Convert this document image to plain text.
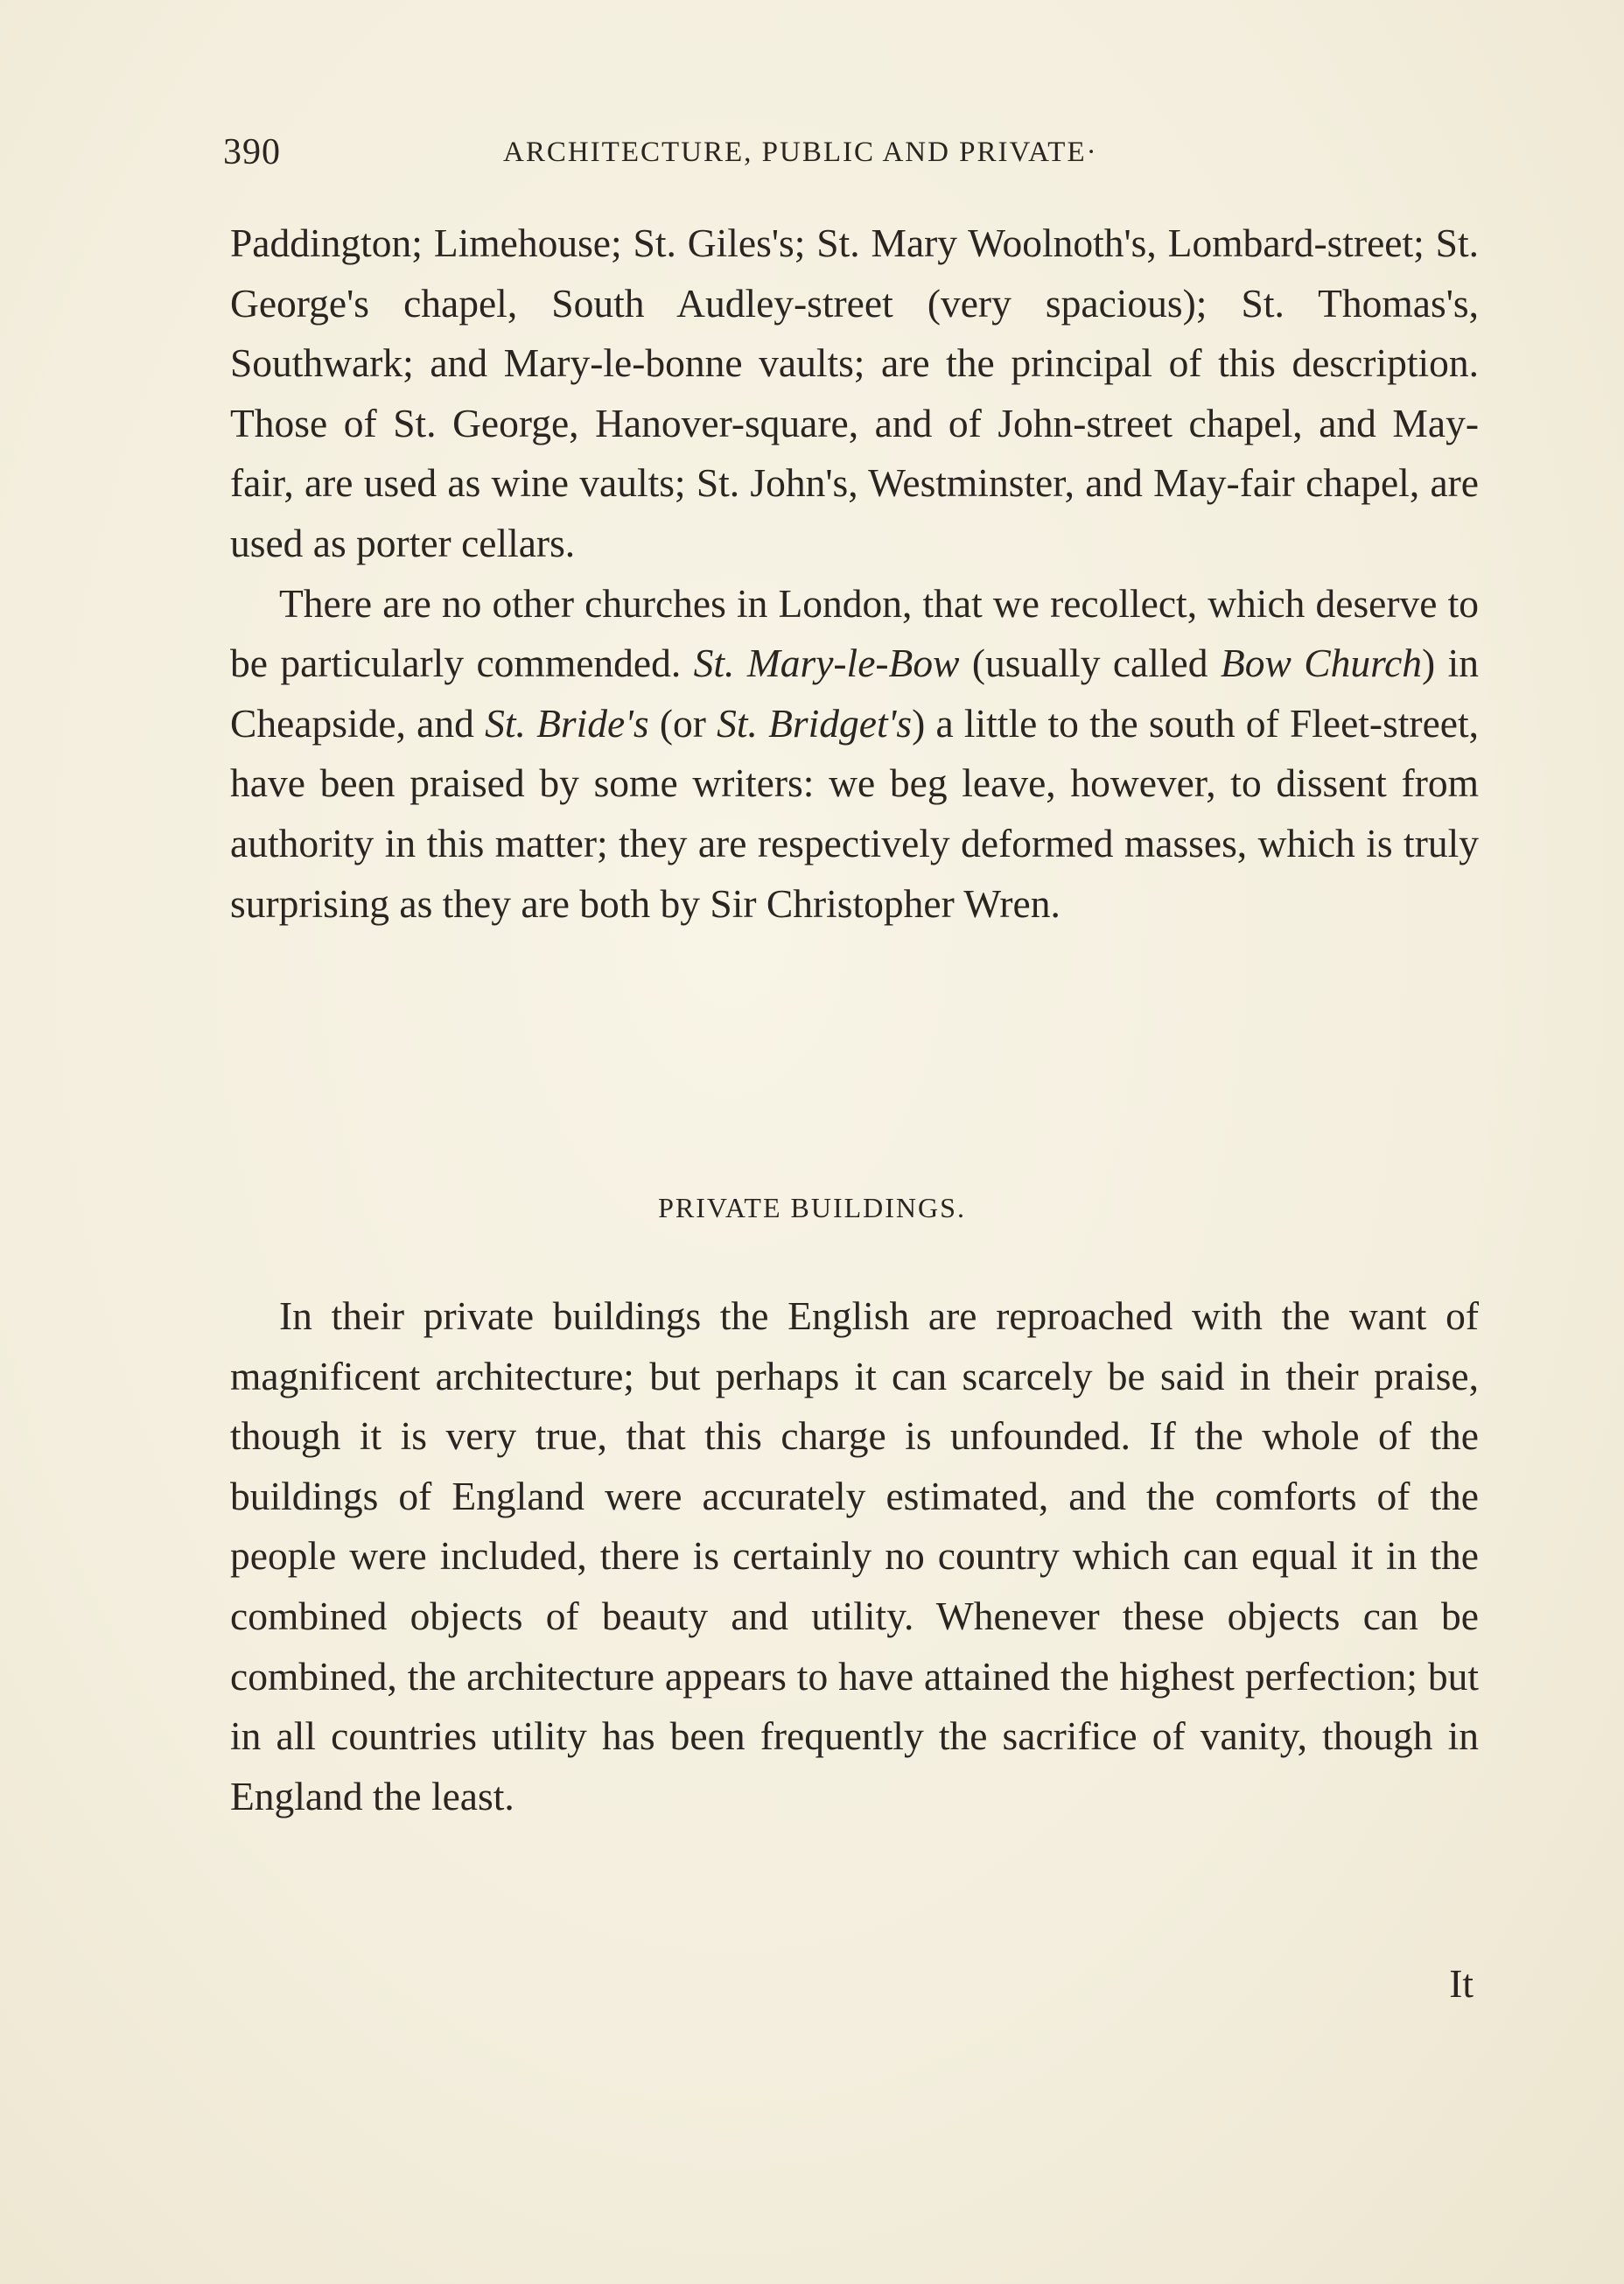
390	ARCHITECTURE, PUBLIC AND PRIVATE·

Paddington; Limehouse; St. Giles's; St. Mary Woolnoth's, Lombard-street; St. George's chapel, South Audley-street (very spacious); St. Thomas's, Southwark; and Mary-le-bonne vaults; are the principal of this description. Those of St. George, Hanover-square, and of John-street chapel, and May-fair, are used as wine vaults; St. John's, Westminster, and May-fair chapel, are used as porter cellars.

There are no other churches in London, that we recollect, which deserve to be particularly commended. St. Mary-le-Bow (usually called Bow Church) in Cheapside, and St. Bride's (or St. Bridget's) a little to the south of Fleet-street, have been praised by some writers: we beg leave, however, to dissent from authority in this matter; they are respectively deformed masses, which is truly surprising as they are both by Sir Christopher Wren.

PRIVATE BUILDINGS.

In their private buildings the English are reproached with the want of magnificent architecture; but perhaps it can scarcely be said in their praise, though it is very true, that this charge is unfounded. If the whole of the buildings of England were accurately estimated, and the comforts of the people were included, there is certainly no country which can equal it in the combined objects of beauty and utility. Whenever these objects can be combined, the architecture appears to have attained the highest perfection; but in all countries utility has been frequently the sacrifice of vanity, though in England the least.

It
